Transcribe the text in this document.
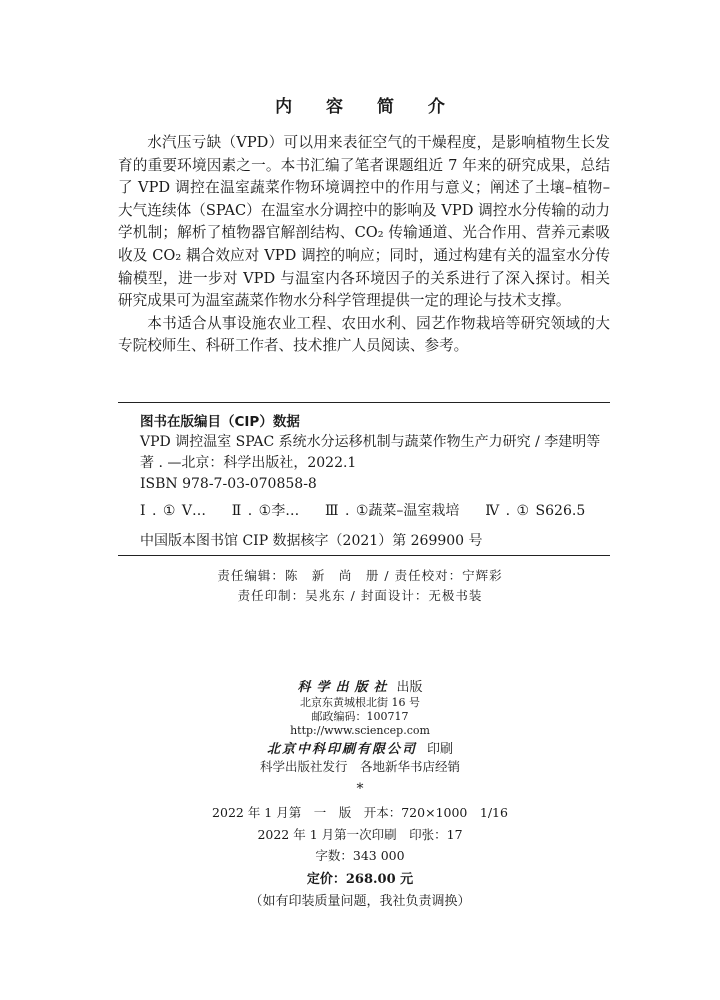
内 容 简 介

水汽压亏缺（VPD）可以用来表征空气的干燥程度，是影响植物生长发育的重要环境因素之一。本书汇编了笔者课题组近 7 年来的研究成果，总结了 VPD 调控在温室蔬菜作物环境调控中的作用与意义；阐述了土壤–植物–大气连续体（SPAC）在温室水分调控中的影响及 VPD 调控水分传输的动力学机制；解析了植物器官解剖结构、CO₂ 传输通道、光合作用、营养元素吸收及 CO₂ 耦合效应对 VPD 调控的响应；同时，通过构建有关的温室水分传输模型，进一步对 VPD 与温室内各环境因子的关系进行了深入探讨。相关研究成果可为温室蔬菜作物水分科学管理提供一定的理论与技术支撑。

本书适合从事设施农业工程、农田水利、园艺作物栽培等研究领域的大专院校师生、科研工作者、技术推广人员阅读、参考。

图书在版编目（CIP）数据
VPD 调控温室 SPAC 系统水分运移机制与蔬菜作物生产力研究 / 李建明等著 . —北京：科学出版社，2022.1
ISBN 978-7-03-070858-8
Ⅰ . ① V…    Ⅱ . ①李…    Ⅲ . ①蔬菜–温室栽培    Ⅳ . ① S626.5
中国版本图书馆 CIP 数据核字（2021）第 269900 号
责任编辑：陈　新　尚　册 / 责任校对：宁辉彩
责任印制：吴兆东 / 封面设计：无极书装
科学出版社 出版
北京东黄城根北街 16 号
邮政编码：100717
http://www.sciencep.com
北京中科印刷有限公司 印刷
科学出版社发行　各地新华书店经销
*
2022 年 1 月第　一　版　开本：720×1000　1/16
2022 年 1 月第一次印刷　印张：17
字数：343 000
定价：268.00 元
（如有印装质量问题，我社负责调换）
